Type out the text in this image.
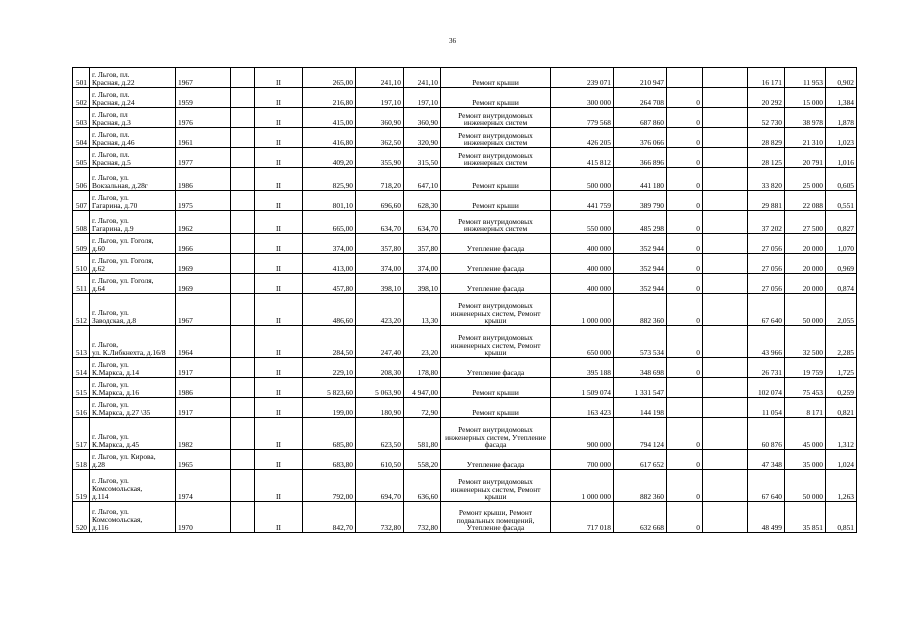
36
501	г. Льгов, пл.
Красная, д.22	1967		II	265,00	241,10	241,10	Ремонт крыши	239 071	210 947			16 171	11 953	0,902
502	г. Льгов, пл.
Красная, д.24	1959		II	216,80	197,10	197,10	Ремонт крыши	300 000	264 708	0		20 292	15 000	1,384
503	г. Льгов, пл
Красная, д.3	1976		II	415,00	360,90	360,90	Ремонт внутридомовых
инженерных систем	779 568	687 860	0		52 730	38 978	1,878
504	г. Льгов, пл.
Красная, д.46	1961		II	416,80	362,50	320,90	Ремонт внутридомовых
инженерных систем	426 205	376 066	0		28 829	21 310	1,023
505	г. Льгов, пл.
Красная, д.5	1977		II	409,20	355,90	315,50	Ремонт внутридомовых
инженерных систем	415 812	366 896	0		28 125	20 791	1,016
506	г. Льгов, ул.
Вокзальная, д.28г	1986		II	825,90	718,20	647,10	Ремонт крыши	500 000	441 180	0		33 820	25 000	0,605
507	г. Льгов, ул.
Гагарина, д.70	1975		II	801,10	696,60	628,30	Ремонт крыши	441 759	389 790	0		29 881	22 088	0,551
508	г. Льгов, ул.
Гагарина, д.9	1962		II	665,00	634,70	634,70	Ремонт внутридомовых
инженерных систем	550 000	485 298	0		37 202	27 500	0,827
509	г. Льгов, ул. Гоголя,
д.60	1966		II	374,00	357,80	357,80	Утепление фасада	400 000	352 944	0		27 056	20 000	1,070
510	г. Льгов, ул. Гоголя,
д.62	1969		II	413,00	374,00	374,00	Утепление фасада	400 000	352 944	0		27 056	20 000	0,969
511	г. Льгов, ул. Гоголя,
д.64	1969		II	457,80	398,10	398,10	Утепление фасада	400 000	352 944	0		27 056	20 000	0,874
512	г. Льгов, ул.
Заводская, д.8	1967		II	486,60	423,20	13,30	Ремонт внутридомовых
инженерных систем, Ремонт
крыши	1 000 000	882 360	0		67 640	50 000	2,055
513	г. Льгов,
ул. К.Либкнехта, д.16/8	1964		II	284,50	247,40	23,20	Ремонт внутридомовых
инженерных систем, Ремонт
крыши	650 000	573 534	0		43 966	32 500	2,285
514	г. Льгов, ул.
К.Маркса, д.14	1917		II	229,10	208,30	178,80	Утепление фасада	395 188	348 698	0		26 731	19 759	1,725
515	г. Льгов, ул.
К.Маркса, д.16	1986		II	5 823,60	5 063,90	4 947,00	Ремонт крыши	1 509 074	1 331 547			102 074	75 453	0,259
516	г. Льгов, ул.
К.Маркса, д.27 \35	1917		II	199,00	180,90	72,90	Ремонт крыши	163 423	144 198			11 054	8 171	0,821
517	г. Льгов, ул.
К.Маркса, д.45	1982		II	685,80	623,50	581,80	Ремонт внутридомовых
инженерных систем, Утепление
фасада	900 000	794 124	0		60 876	45 000	1,312
518	г. Льгов, ул. Кирова,
д.28	1965		II	683,80	610,50	558,20	Утепление фасада	700 000	617 652	0		47 348	35 000	1,024
519	г. Льгов, ул.
Комсомольская,
д.114	1974		II	792,00	694,70	636,60	Ремонт внутридомовых
инженерных систем, Ремонт
крыши	1 000 000	882 360	0		67 640	50 000	1,263
520	г. Льгов, ул.
Комсомольская,
д.116	1970		II	842,70	732,80	732,80	Ремонт крыши, Ремонт
подвальных помещений,
Утепление фасада	717 018	632 668	0		48 499	35 851	0,851
